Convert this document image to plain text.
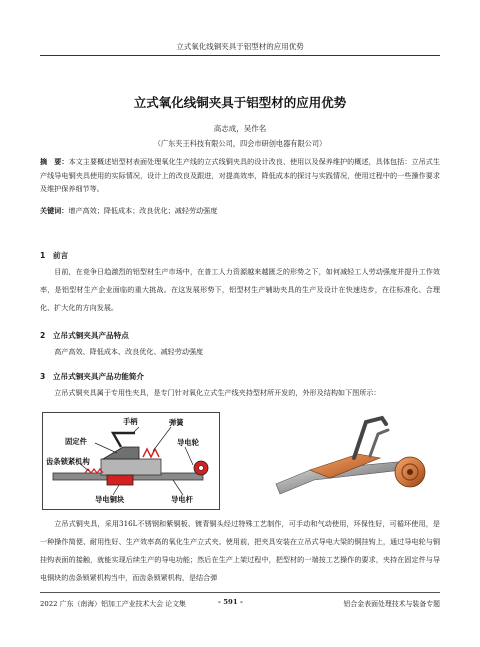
立式氧化线铜夹具于铝型材的应用优势
立式氧化线铜夹具于铝型材的应用优势
高志成，吴作名
（广东夹王科技有限公司，四会市研创电器有限公司）
摘　要：本文主要概述铝型材表面处理氧化生产线的立式线铜夹具的设计改良、使用以及保养维护的概述，具体包括：立吊式生产线导电铜夹具使用的实际情况，设计上的改良及跟进，对提高效率，降低成本的探讨与实践情况，使用过程中的一些操作要求及维护保养细节等。
关键词：增产高效；降低成本；改良优化；减轻劳动强度
1　前言
目前，在竞争日趋激烈的铝型材生产市场中，在普工人力资源越来越匮乏的形势之下，如何减轻工人劳动强度并提升工作效率，是铝型材生产企业面临的重大挑战。在这发展形势下，铝型材生产辅助夹具的生产及设计在快速迭步，在往标准化、合理化、扩大化的方向发展。
2　立吊式铜夹具产品特点
高产高效、降低成本、改良优化、减轻劳动强度
3　立吊式铜夹具产品功能简介
立吊式铜夹具属于专用性夹具，是专门针对氧化立式生产线夹持型材所开发的，外形及结构如下图所示：
手柄	弹簧
固定件	导电轮
齿条锁紧机构
导电铜块	导电杆
立吊式铜夹具，采用316L不锈钢和紫铜板、镀青铜头经过特殊工艺制作，可手动和气动使用，环保性好，可循环使用，是一种操作简便、耐用性好、生产效率高的氧化生产立式夹。使用前，把夹具安装在立吊式导电大梁的铜挂钩上，通过导电轮与铜挂钩表面的接触，就能实现后续生产的导电功能；然后在生产上架过程中，把型材的一端按工艺操作的要求，夹持在固定件与导电铜块的齿条锁紧机构当中，而齿条锁紧机构，是结合弹
2022 广东（南海）铝加工产业技术大会 论文集	- 591 -	铝合金表面处理技术与装备专题
